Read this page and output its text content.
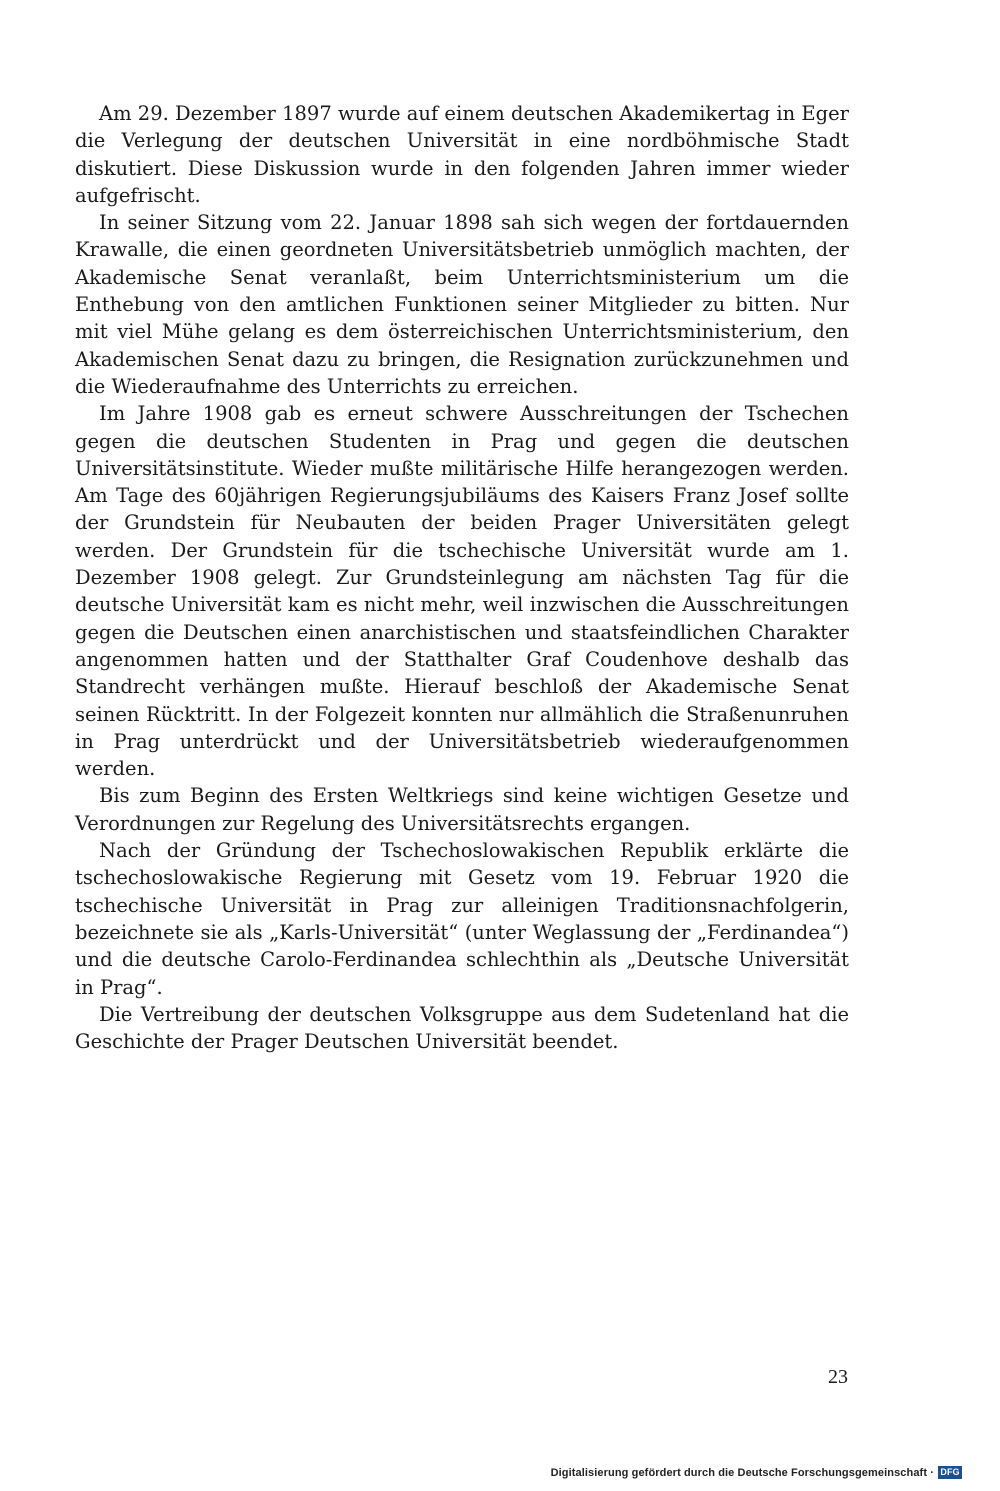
Am 29. Dezember 1897 wurde auf einem deutschen Akademikertag in Eger die Verlegung der deutschen Universität in eine nordböhmische Stadt diskutiert. Diese Diskussion wurde in den folgenden Jahren immer wieder aufgefrischt.

In seiner Sitzung vom 22. Januar 1898 sah sich wegen der fortdauernden Krawalle, die einen geordneten Universitätsbetrieb unmöglich machten, der Akademische Senat veranlaßt, beim Unterrichtsministerium um die Enthebung von den amtlichen Funktionen seiner Mitglieder zu bitten. Nur mit viel Mühe gelang es dem österreichischen Unterrichtsministerium, den Akademischen Senat dazu zu bringen, die Resignation zurückzunehmen und die Wiederaufnahme des Unterrichts zu erreichen.

Im Jahre 1908 gab es erneut schwere Ausschreitungen der Tschechen gegen die deutschen Studenten in Prag und gegen die deutschen Universitätsinstitute. Wieder mußte militärische Hilfe herangezogen werden. Am Tage des 60jährigen Regierungsjubiläums des Kaisers Franz Josef sollte der Grundstein für Neubauten der beiden Prager Universitäten gelegt werden. Der Grundstein für die tschechische Universität wurde am 1. Dezember 1908 gelegt. Zur Grundsteinlegung am nächsten Tag für die deutsche Universität kam es nicht mehr, weil inzwischen die Ausschreitungen gegen die Deutschen einen anarchistischen und staatsfeindlichen Charakter angenommen hatten und der Statthalter Graf Coudenhove deshalb das Standrecht verhängen mußte. Hierauf beschloß der Akademische Senat seinen Rücktritt. In der Folgezeit konnten nur allmählich die Straßenunruhen in Prag unterdrückt und der Universitätsbetrieb wiederaufgenommen werden.

Bis zum Beginn des Ersten Weltkriegs sind keine wichtigen Gesetze und Verordnungen zur Regelung des Universitätsrechts ergangen.

Nach der Gründung der Tschechoslowakischen Republik erklärte die tschechoslowakische Regierung mit Gesetz vom 19. Februar 1920 die tschechische Universität in Prag zur alleinigen Traditionsnachfolgerin, bezeichnete sie als „Karls-Universität“ (unter Weglassung der „Ferdinandea“) und die deutsche Carolo-Ferdinandea schlechthin als „Deutsche Universität in Prag“.

Die Vertreibung der deutschen Volksgruppe aus dem Sudetenland hat die Geschichte der Prager Deutschen Universität beendet.

23
Digitalisierung gefördert durch die Deutsche Forschungsgemeinschaft · DFG
